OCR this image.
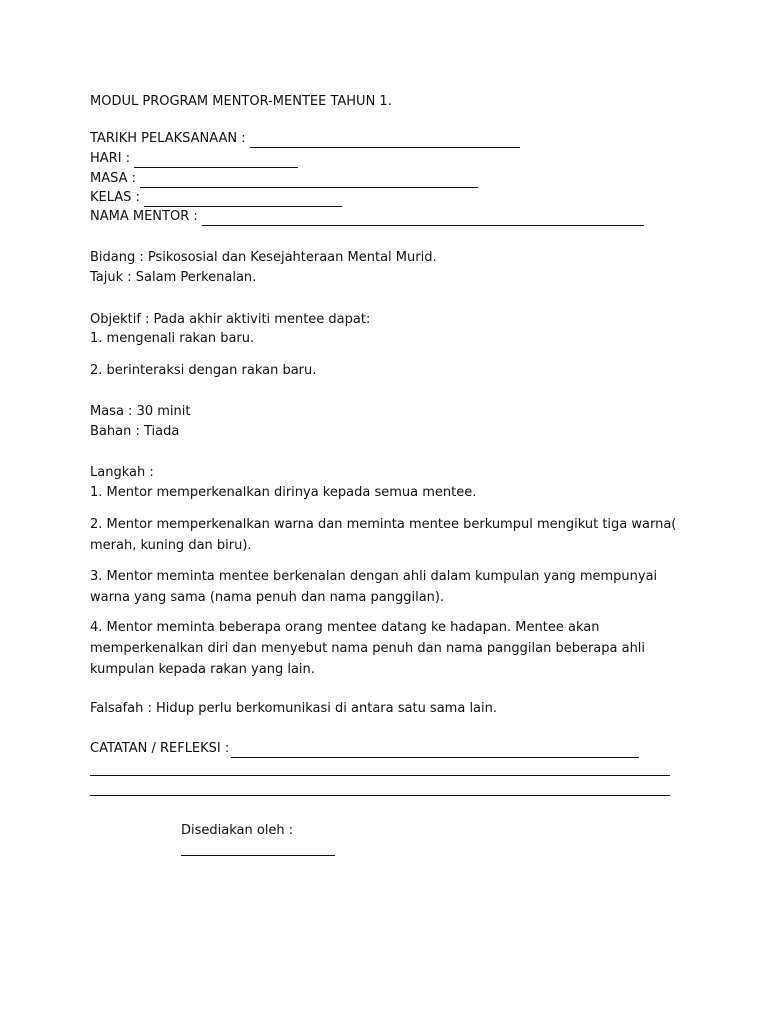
MODUL PROGRAM MENTOR-MENTEE TAHUN 1.
TARIKH PELAKSANAAN :
HARI :
MASA :
KELAS :
NAMA MENTOR :
Bidang : Psikososial dan Kesejahteraan Mental Murid.
Tajuk : Salam Perkenalan.
Objektif : Pada akhir aktiviti mentee dapat:
1. mengenali rakan baru.
2. berinteraksi dengan rakan baru.
Masa : 30 minit
Bahan : Tiada
Langkah :
1. Mentor memperkenalkan dirinya kepada semua mentee.
2. Mentor memperkenalkan warna dan meminta mentee berkumpul mengikut tiga warna( merah, kuning dan biru).
3. Mentor meminta mentee berkenalan dengan ahli dalam kumpulan yang mempunyai warna yang sama (nama penuh dan nama panggilan).
4. Mentor meminta beberapa orang mentee datang ke hadapan. Mentee akan memperkenalkan diri dan menyebut nama penuh dan nama panggilan beberapa ahli kumpulan kepada rakan yang lain.
Falsafah : Hidup perlu berkomunikasi di antara satu sama lain.
CATATAN / REFLEKSI :
Disediakan oleh :
